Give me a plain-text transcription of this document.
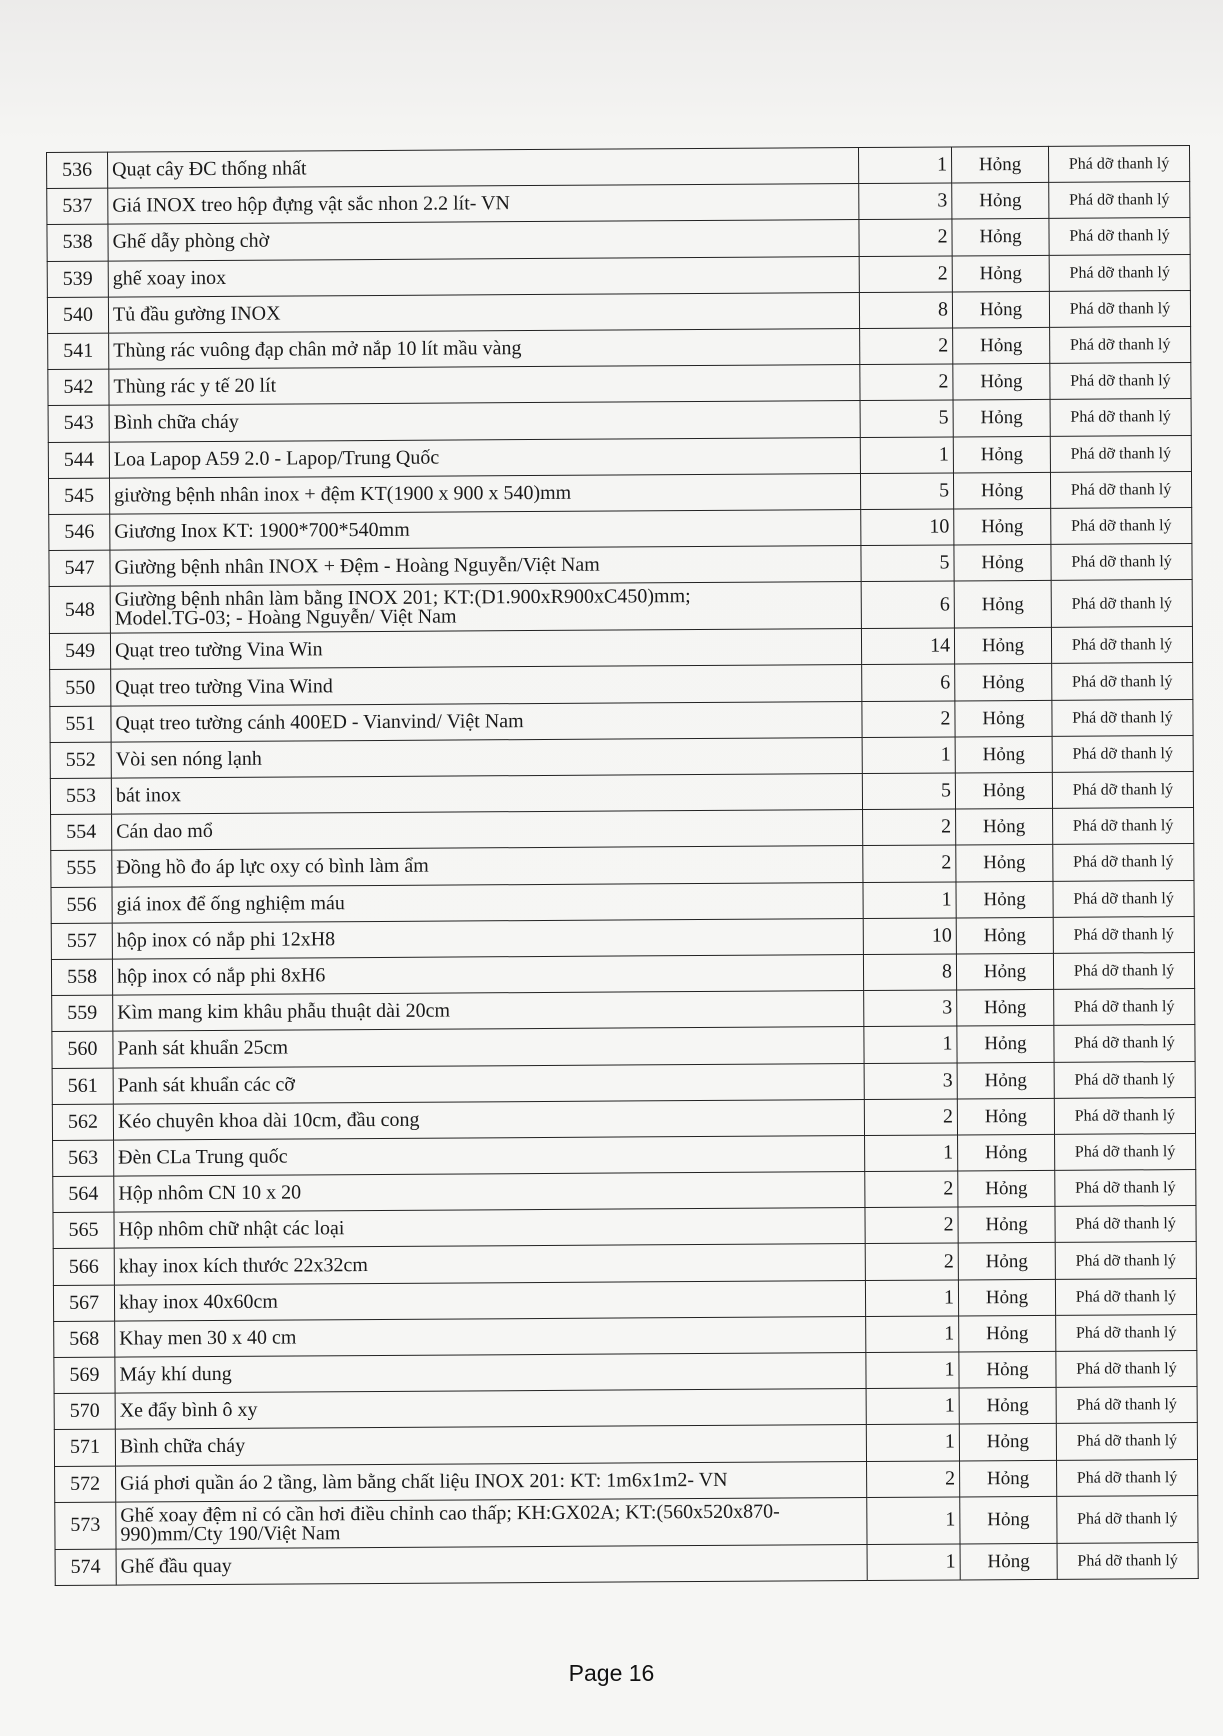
536	Quạt cây ĐC thống nhất	1	Hỏng	Phá dỡ thanh lý
537	Giá INOX treo hộp đựng vật sắc nhon 2.2 lít- VN	3	Hỏng	Phá dỡ thanh lý
538	Ghế dẫy phòng chờ	2	Hỏng	Phá dỡ thanh lý
539	ghế xoay inox	2	Hỏng	Phá dỡ thanh lý
540	Tủ đầu gường INOX	8	Hỏng	Phá dỡ thanh lý
541	Thùng rác vuông đạp chân mở nắp 10 lít mầu vàng	2	Hỏng	Phá dỡ thanh lý
542	Thùng rác y tế 20 lít	2	Hỏng	Phá dỡ thanh lý
543	Bình chữa cháy	5	Hỏng	Phá dỡ thanh lý
544	Loa Lapop A59 2.0 - Lapop/Trung Quốc	1	Hỏng	Phá dỡ thanh lý
545	giường bệnh nhân inox + đệm KT(1900 x 900 x 540)mm	5	Hỏng	Phá dỡ thanh lý
546	Giương Inox KT: 1900*700*540mm	10	Hỏng	Phá dỡ thanh lý
547	Giường bệnh nhân INOX + Đệm - Hoàng Nguyễn/Việt Nam	5	Hỏng	Phá dỡ thanh lý
548	Giường bệnh nhân làm bằng INOX 201; KT:(D1.900xR900xC450)mm;
Model.TG-03; - Hoàng Nguyễn/ Việt Nam	6	Hỏng	Phá dỡ thanh lý
549	Quạt treo tường Vina Win	14	Hỏng	Phá dỡ thanh lý
550	Quạt treo tường Vina Wind	6	Hỏng	Phá dỡ thanh lý
551	Quạt treo tường cánh 400ED - Vianvind/ Việt Nam	2	Hỏng	Phá dỡ thanh lý
552	Vòi sen nóng lạnh	1	Hỏng	Phá dỡ thanh lý
553	bát inox	5	Hỏng	Phá dỡ thanh lý
554	Cán dao mổ	2	Hỏng	Phá dỡ thanh lý
555	Đồng hồ đo áp lực oxy có bình làm ẩm	2	Hỏng	Phá dỡ thanh lý
556	giá inox để ống nghiệm máu	1	Hỏng	Phá dỡ thanh lý
557	hộp inox có nắp phi 12xH8	10	Hỏng	Phá dỡ thanh lý
558	hộp inox có nắp phi 8xH6	8	Hỏng	Phá dỡ thanh lý
559	Kìm mang kim khâu phẫu thuật dài 20cm	3	Hỏng	Phá dỡ thanh lý
560	Panh sát khuẩn 25cm	1	Hỏng	Phá dỡ thanh lý
561	Panh sát khuẩn các cỡ	3	Hỏng	Phá dỡ thanh lý
562	Kéo chuyên khoa dài 10cm, đầu cong	2	Hỏng	Phá dỡ thanh lý
563	Đèn CLa Trung quốc	1	Hỏng	Phá dỡ thanh lý
564	Hộp nhôm CN 10 x 20	2	Hỏng	Phá dỡ thanh lý
565	Hộp nhôm chữ nhật các loại	2	Hỏng	Phá dỡ thanh lý
566	khay inox kích thước 22x32cm	2	Hỏng	Phá dỡ thanh lý
567	khay inox 40x60cm	1	Hỏng	Phá dỡ thanh lý
568	Khay men 30 x 40 cm	1	Hỏng	Phá dỡ thanh lý
569	Máy khí dung	1	Hỏng	Phá dỡ thanh lý
570	Xe đẩy bình ô xy	1	Hỏng	Phá dỡ thanh lý
571	Bình chữa cháy	1	Hỏng	Phá dỡ thanh lý
572	Giá phơi quần áo 2 tầng, làm bằng chất liệu INOX 201: KT: 1m6x1m2- VN	2	Hỏng	Phá dỡ thanh lý
573	Ghế xoay đệm nỉ có cần hơi điều chỉnh cao thấp; KH:GX02A; KT:(560x520x870-
990)mm/Cty 190/Việt Nam	1	Hỏng	Phá dỡ thanh lý
574	Ghế đầu quay	1	Hỏng	Phá dỡ thanh lý
Page 16
